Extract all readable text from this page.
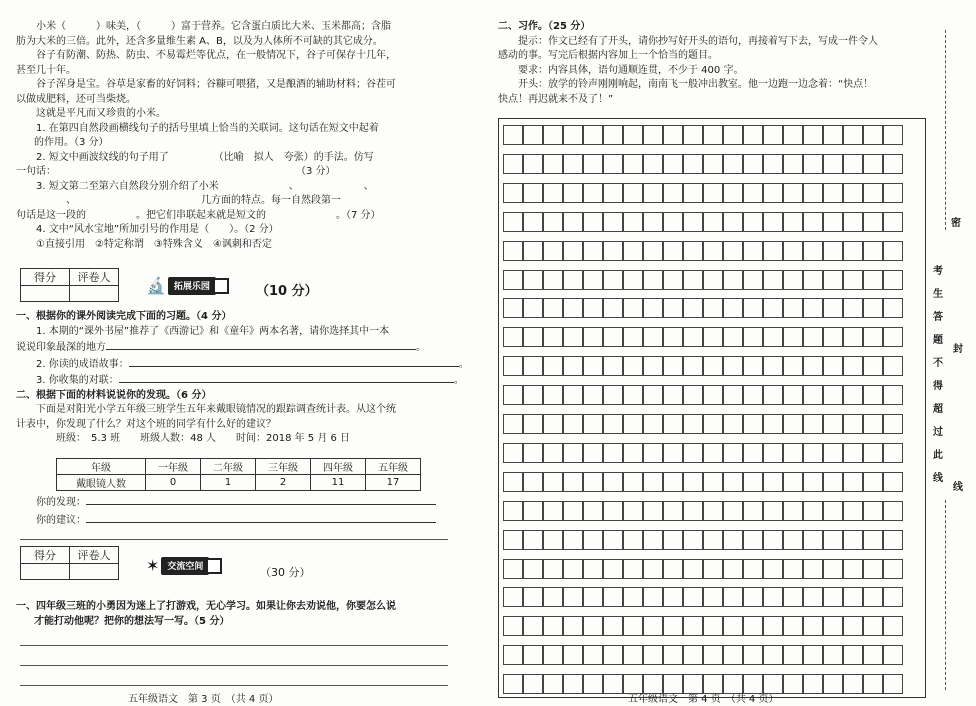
小米（　　　）味美，（　　　）富于营养。它含蛋白质比大米、玉米都高；含脂
肪为大米的三倍。此外，还含多量维生素 A、B，以及为人体所不可缺的其它成分。
谷子有防潮、防热、防虫、不易霉烂等优点，在一般情况下，谷子可保存十几年，
甚至几十年。
谷子浑身是宝。谷草是家畜的好饲料；谷糠可喂猪，又是酿酒的辅助材料；谷茬可
以做成肥料，还可当柴烧。
这就是平凡而又珍贵的小米。
1. 在第四自然段画横线句子的括号里填上恰当的关联词。这句话在短文中起着
的作用。（3 分）
2. 短文中画波纹线的句子用了　　　　　（比喻　拟人　夸张）的手法。仿写
一句话：　　　　　　　　　　　　　　　　　　　　　　　　　（3 分）
3. 短文第二至第六自然段分别介绍了小米　　　　　　　、　　　　　　　、
　　　　　、　　　　　　　　　　　　　几方面的特点。每一自然段第一
句话是这一段的　　　　　。把它们串联起来就是短文的　　　　　　　。（7 分）
4. 文中“风水宝地”所加引号的作用是（　　）。（2 分）
①直接引用　②特定称谓　③特殊含义　④讽刺和否定
得分	评卷人
	🔬 拓展乐园	（10 分）
一、根据你的课外阅读完成下面的习题。（4 分）
1. 本期的“课外书屋”推荐了《西游记》和《童年》两本名著，请你选择其中一本
说说印象最深的地方	。
2. 你读的成语故事：	。
3. 你收集的对联：	。
二、根据下面的材料说说你的发现。（6 分）
下面是对阳光小学五年级三班学生五年来戴眼镜情况的跟踪调查统计表。从这个统
计表中，你发现了什么？对这个班的同学有什么好的建议？
班级：　5.3 班　　班级人数：48 人　　时间：2018 年 5 月 6 日
年级	一年级	二年级	三年级	四年级	五年级
戴眼镜人数	0	1	2	11	17
你的发现：
你的建议：
得分	评卷人

✶ 交流空间	（30 分）
一、四年级三班的小勇因为迷上了打游戏，无心学习。如果让你去劝说他，你要怎么说
才能打动他呢？把你的想法写一写。（5 分）
五年级语文　第 3 页　（共 4 页）
二、习作。（25 分）
提示：作文已经有了开头，请你抄写好开头的语句，再接着写下去，写成一件令人
感动的事。写完后根据内容加上一个恰当的题目。
要求：内容具体，语句通顺连贯，不少于 400 字。
开头：放学的铃声刚刚响起，南南飞一般冲出教室。他一边跑一边念着：“快点！
快点！再迟就来不及了！”
五年级语文　第 4 页　（共 4 页）
密
考
生
答
题
不
得
超
过
此
线
封
线
